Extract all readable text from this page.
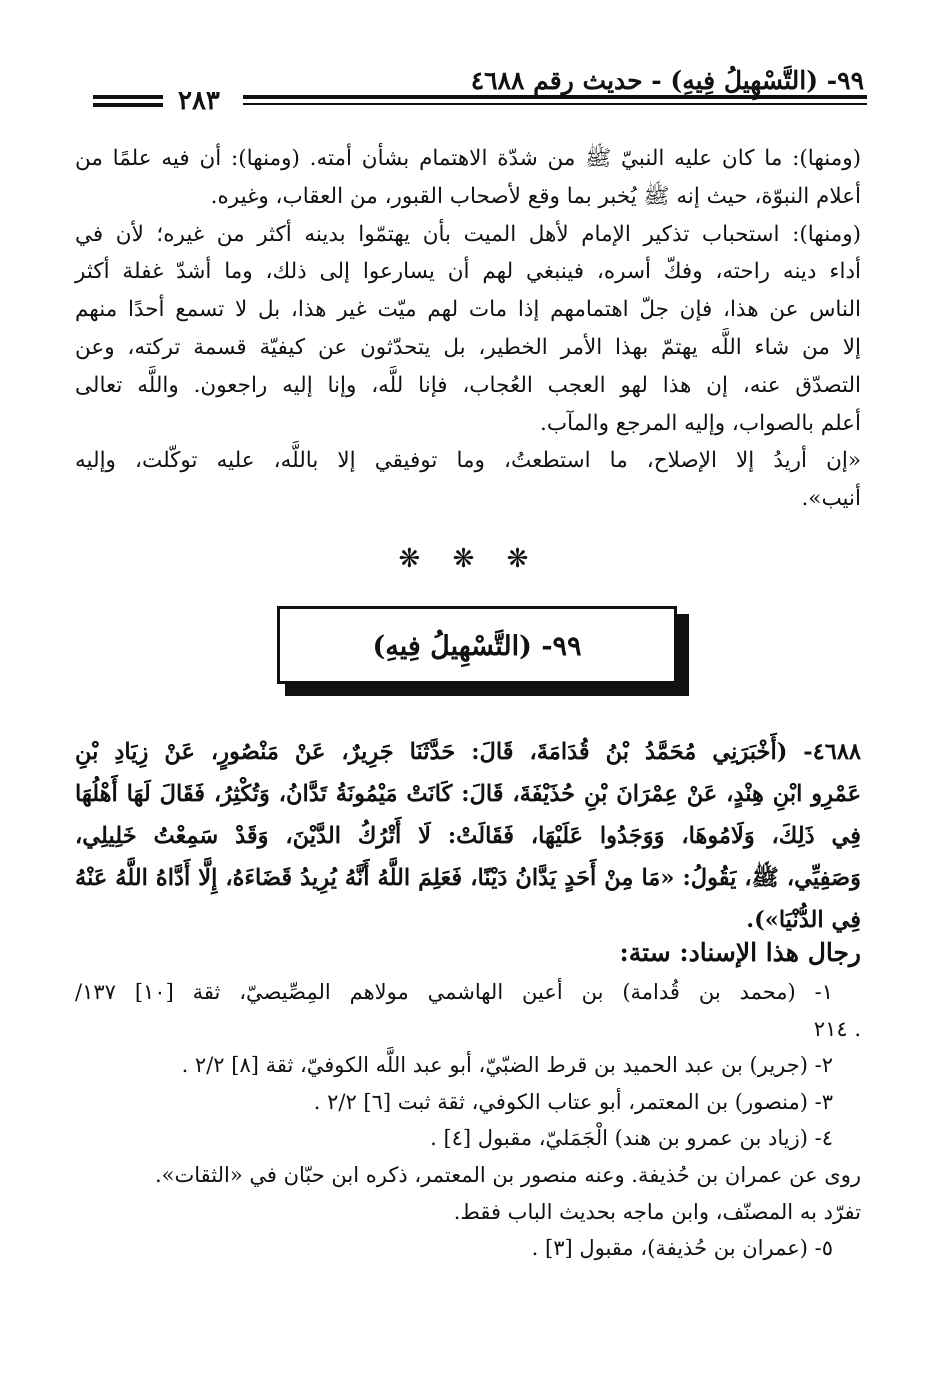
٩٩- (التَّسْهِيلُ فِيهِ) - حديث رقم ٤٦٨٨
٢٨٣
(ومنها): ما كان عليه النبيّ ﷺ من شدّة الاهتمام بشأن أمته. (ومنها): أن فيه علمًا من
أعلام النبوّة، حيث إنه ﷺ يُخبر بما وقع لأصحاب القبور، من العقاب، وغيره.
(ومنها): استحباب تذكير الإمام لأهل الميت بأن يهتمّوا بدينه أكثر من غيره؛ لأن في
أداء دينه راحته، وفكّ أسره، فينبغي لهم أن يسارعوا إلى ذلك، وما أشدّ غفلة أكثر
الناس عن هذا، فإن جلّ اهتمامهم إذا مات لهم ميّت غير هذا، بل لا تسمع أحدًا منهم
إلا من شاء اللَّه يهتمّ بهذا الأمر الخطير، بل يتحدّثون عن كيفيّة قسمة تركته، وعن
التصدّق عنه، إن هذا لهو العجب العُجاب، فإنا للَّه، وإنا إليه راجعون. واللَّه تعالى
أعلم بالصواب، وإليه المرجع والمآب.
«إن أريدُ إلا الإصلاح، ما استطعتُ، وما توفيقي إلا باللَّه، عليه توكّلت، وإليه
أنيب».
❋ ❋ ❋
٩٩- (التَّسْهِيلُ فِيهِ)
٤٦٨٨- (أَخْبَرَنِي مُحَمَّدُ بْنُ قُدَامَةَ، قَالَ: حَدَّثَنَا جَرِيرٌ، عَنْ مَنْصُورٍ، عَنْ زِيَادِ بْنِ
عَمْرِو ابْنِ هِنْدٍ، عَنْ عِمْرَانَ بْنِ حُذَيْفَةَ، قَالَ: كَانَتْ مَيْمُونَةُ تَدَّانُ، وَتُكْثِرُ، فَقَالَ لَهَا أَهْلُهَا
فِي ذَلِكَ، وَلَامُوهَا، وَوَجَدُوا عَلَيْهَا، فَقَالَتْ: لَا أَتْرُكُ الدَّيْنَ، وَقَدْ سَمِعْتُ خَلِيلِي،
وَصَفِيِّي، ﷺ، يَقُولُ: «مَا مِنْ أَحَدٍ يَدَّانُ دَيْنًا، فَعَلِمَ اللَّهُ أَنَّهُ يُرِيدُ قَضَاءَهُ، إِلَّا أَدَّاهُ اللَّهُ عَنْهُ
فِي الدُّنْيَا»).
رجال هذا الإسناد: ستة:
١- (محمد بن قُدامة) بن أعين الهاشمي مولاهم المِصِّيصيّ، ثقة [١٠] ١٣٧/
. ٢١٤
٢- (جرير) بن عبد الحميد بن قرط الضبّيّ، أبو عبد اللَّه الكوفيّ، ثقة [٨] ٢/٢ .
٣- (منصور) بن المعتمر، أبو عتاب الكوفي، ثقة ثبت [٦] ٢/٢ .
٤- (زياد بن عمرو بن هند) الْجَمَليّ، مقبول [٤] .
روى عن عمران بن حُذيفة. وعنه منصور بن المعتمر، ذكره ابن حبّان في «الثقات».
تفرّد به المصنّف، وابن ماجه بحديث الباب فقط.
٥- (عمران بن حُذيفة)، مقبول [٣] .
